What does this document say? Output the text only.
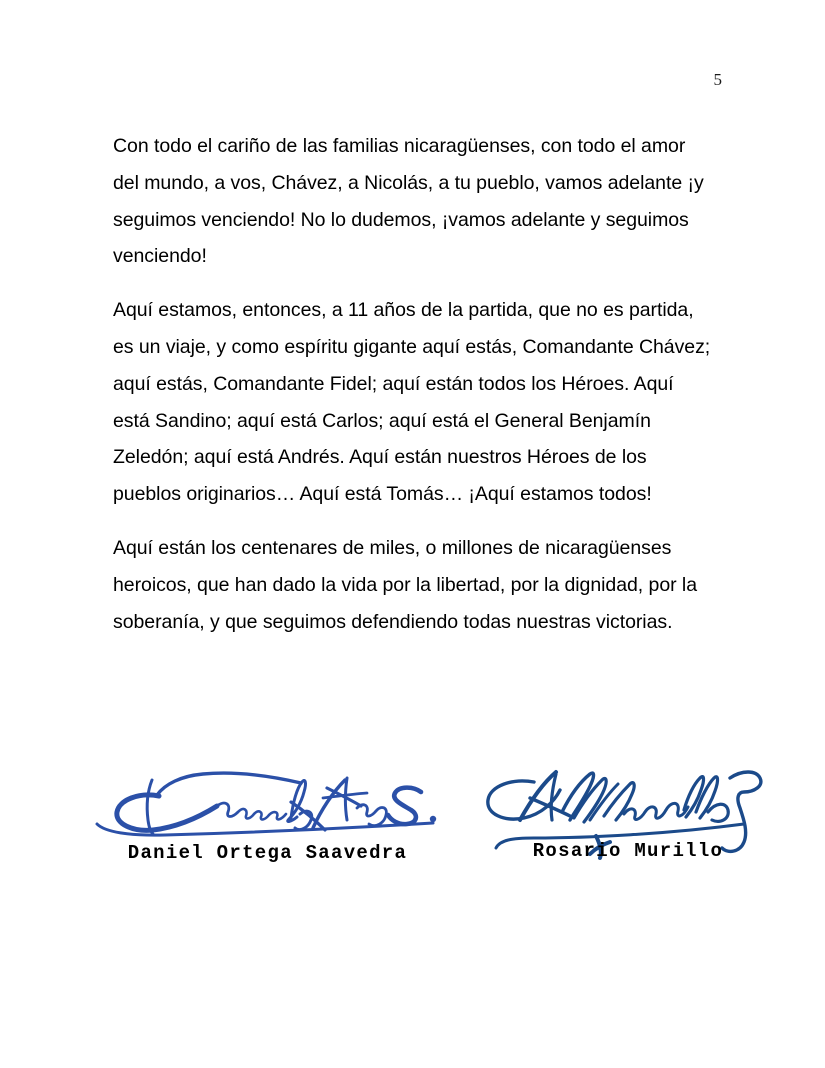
5

Con todo el cariño de las familias nicaragüenses, con todo el amor del mundo, a vos, Chávez, a Nicolás, a tu pueblo, vamos adelante ¡y seguimos venciendo! No lo dudemos, ¡vamos adelante y seguimos venciendo!

Aquí estamos, entonces, a 11 años de la partida, que no es partida, es un viaje, y como espíritu gigante aquí estás, Comandante Chávez; aquí estás, Comandante Fidel; aquí están todos los Héroes. Aquí está Sandino; aquí está Carlos; aquí está el General Benjamín Zeledón; aquí está Andrés. Aquí están nuestros Héroes de los pueblos originarios… Aquí está Tomás… ¡Aquí estamos todos!

Aquí están los centenares de miles, o millones de nicaragüenses heroicos, que han dado la vida por la libertad, por la dignidad, por la soberanía, y que seguimos defendiendo todas nuestras victorias.

Daniel Ortega Saavedra	Rosario Murillo
